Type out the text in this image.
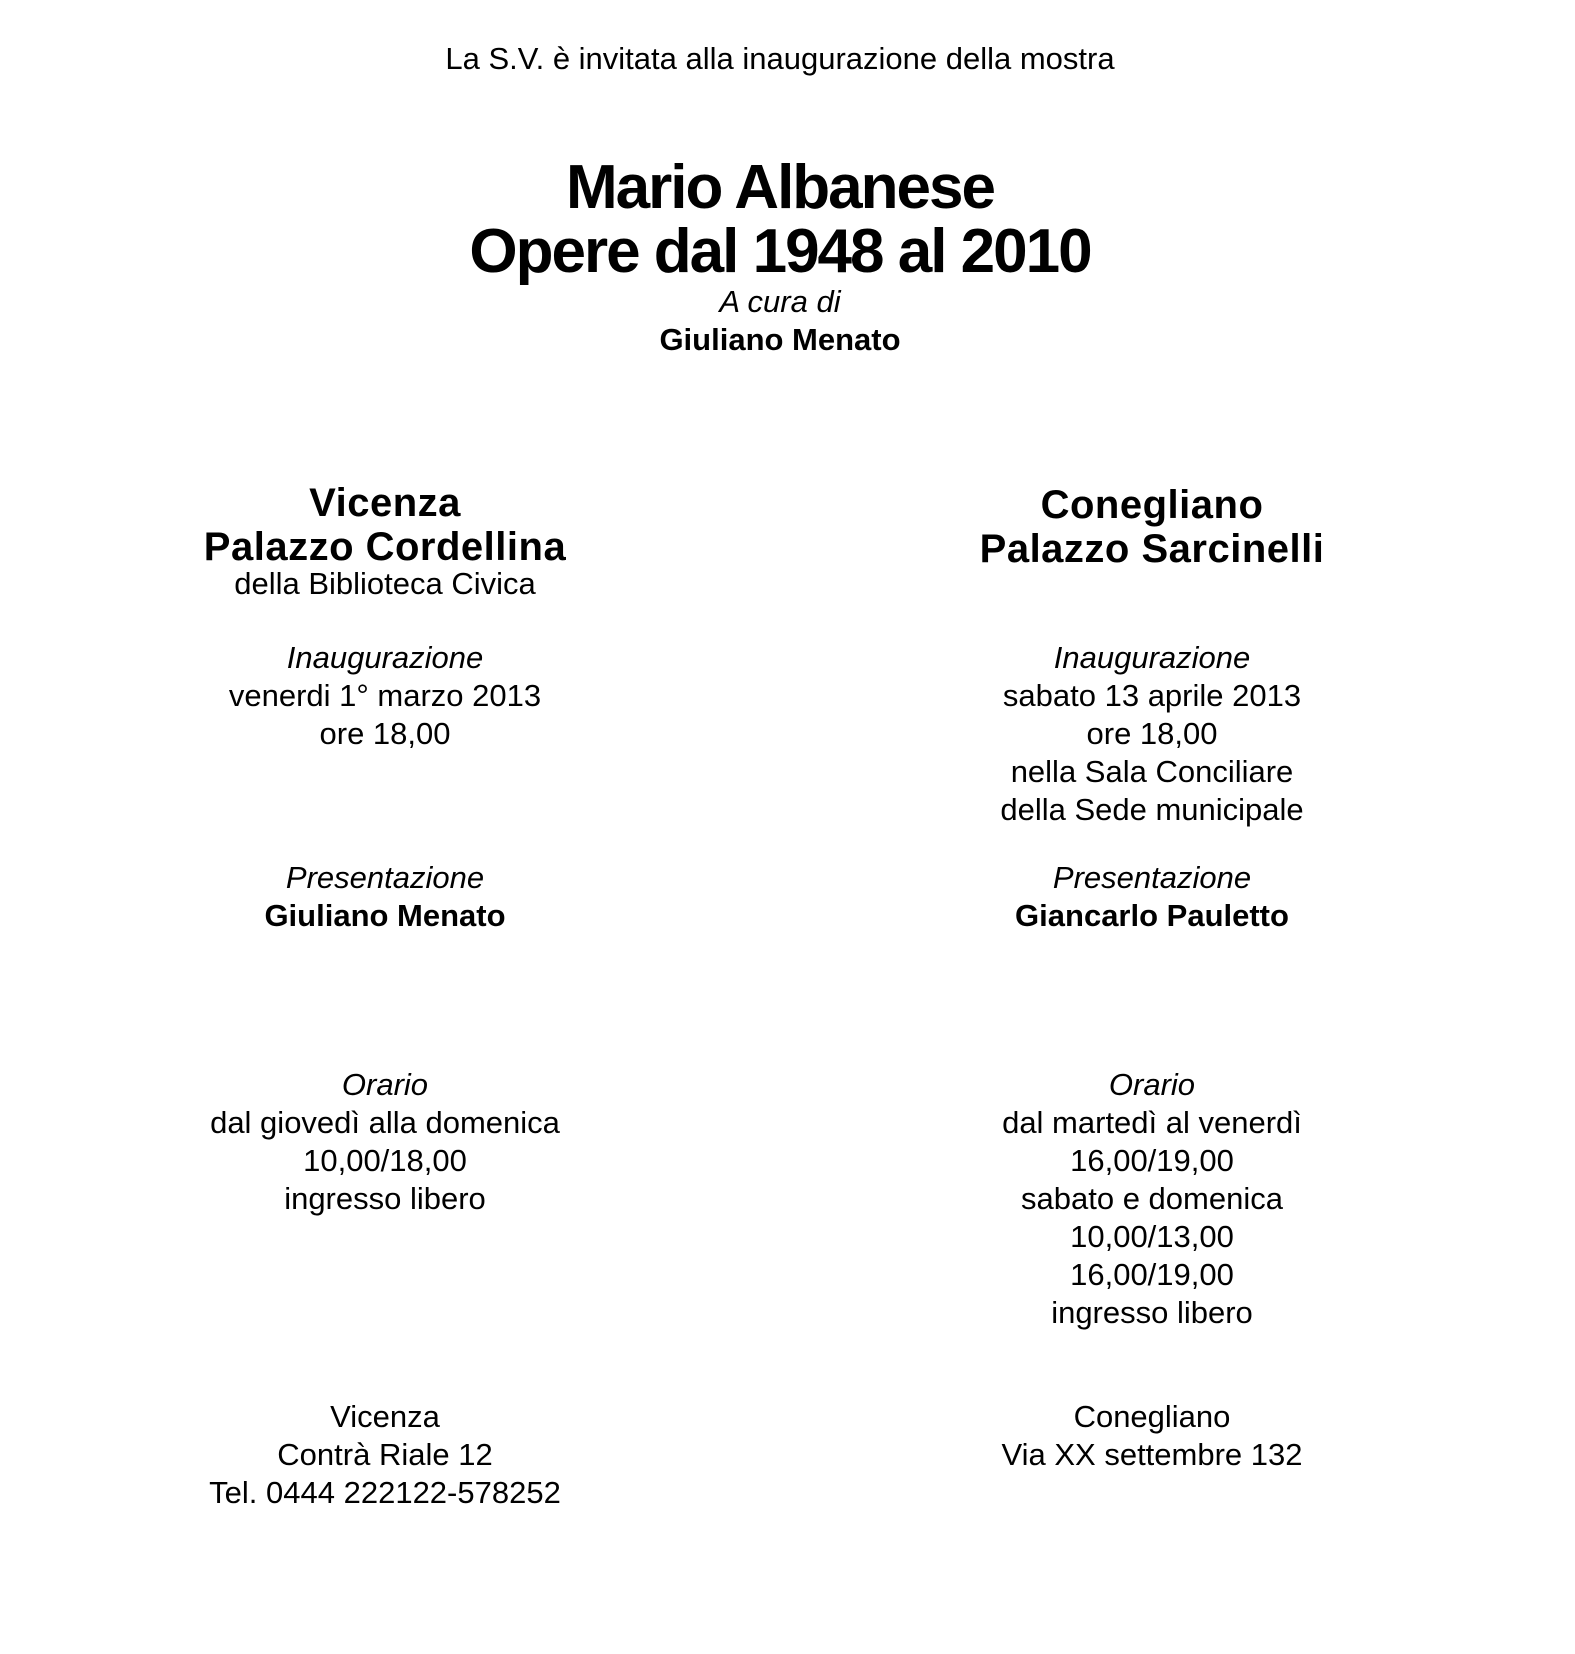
La S.V. è invitata alla inaugurazione della mostra
Mario Albanese
Opere dal 1948 al 2010
A cura di
Giuliano Menato
Vicenza
Palazzo Cordellina
della Biblioteca Civica
Inaugurazione
venerdi 1° marzo 2013
ore 18,00
Presentazione
Giuliano Menato
Orario
dal giovedì alla domenica
10,00/18,00
ingresso libero
Vicenza
Contrà Riale 12
Tel. 0444 222122-578252
Conegliano
Palazzo Sarcinelli
Inaugurazione
sabato 13 aprile 2013
ore 18,00
nella Sala Conciliare
della Sede municipale
Presentazione
Giancarlo Pauletto
Orario
dal martedì al venerdì
16,00/19,00
sabato e domenica
10,00/13,00
16,00/19,00
ingresso libero
Conegliano
Via XX settembre 132
